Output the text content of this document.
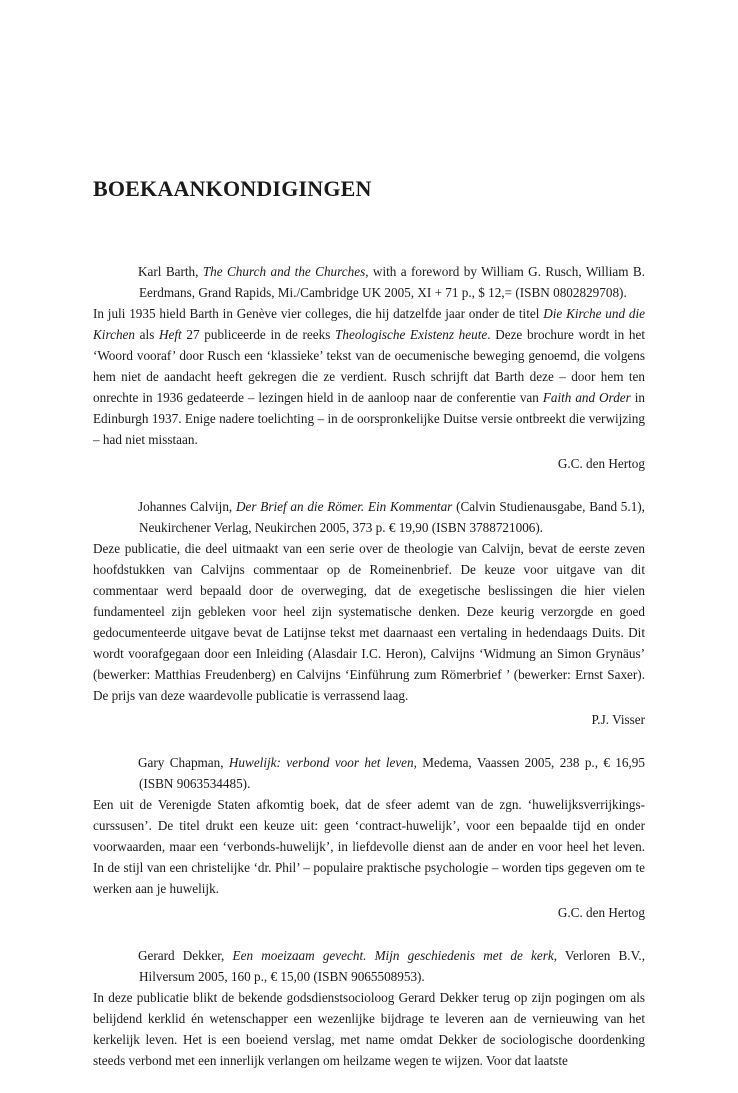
BOEKAANKONDIGINGEN

Karl Barth, The Church and the Churches, with a foreword by William G. Rusch, William B. Eerdmans, Grand Rapids, Mi./Cambridge UK 2005, XI + 71 p., $ 12,= (ISBN 0802829708).

In juli 1935 hield Barth in Genève vier colleges, die hij datzelfde jaar onder de titel Die Kirche und die Kirchen als Heft 27 publiceerde in de reeks Theologische Existenz heute. Deze brochure wordt in het ‘Woord vooraf’ door Rusch een ‘klassieke’ tekst van de oecumenische beweging genoemd, die volgens hem niet de aandacht heeft gekregen die ze verdient. Rusch schrijft dat Barth deze – door hem ten onrechte in 1936 gedateerde – lezingen hield in de aanloop naar de conferentie van Faith and Order in Edinburgh 1937. Enige nadere toelichting – in de oorspronkelijke Duitse versie ontbreekt die verwijzing – had niet misstaan.

G.C. den Hertog

Johannes Calvijn, Der Brief an die Römer. Ein Kommentar (Calvin Studienausgabe, Band 5.1), Neukirchener Verlag, Neukirchen 2005, 373 p. € 19,90 (ISBN 3788721006).

Deze publicatie, die deel uitmaakt van een serie over de theologie van Calvijn, bevat de eerste zeven hoofdstukken van Calvijns commentaar op de Romeinenbrief. De keuze voor uitgave van dit commentaar werd bepaald door de overweging, dat de exegetische beslissingen die hier vielen fundamenteel zijn gebleken voor heel zijn systematische denken. Deze keurig verzorgde en goed gedocumenteerde uitgave bevat de Latijnse tekst met daarnaast een vertaling in hedendaags Duits. Dit wordt voorafgegaan door een Inleiding (Alasdair I.C. Heron), Calvijns ‘Widmung an Simon Grynäus’ (bewerker: Matthias Freudenberg) en Calvijns ‘Einführung zum Römerbrief ’ (bewerker: Ernst Saxer). De prijs van deze waardevolle publicatie is verrassend laag.

P.J. Visser

Gary Chapman, Huwelijk: verbond voor het leven, Medema, Vaassen 2005, 238 p., € 16,95 (ISBN 9063534485).

Een uit de Verenigde Staten afkomtig boek, dat de sfeer ademt van de zgn. ‘huwelijksverrijkings-curssusen’. De titel drukt een keuze uit: geen ‘contract-huwelijk’, voor een bepaalde tijd en onder voorwaarden, maar een ‘verbonds-huwelijk’, in liefdevolle dienst aan de ander en voor heel het leven. In de stijl van een christelijke ‘dr. Phil’ – populaire praktische psychologie – worden tips gegeven om te werken aan je huwelijk.

G.C. den Hertog

Gerard Dekker, Een moeizaam gevecht. Mijn geschiedenis met de kerk, Verloren B.V., Hilversum 2005, 160 p., € 15,00 (ISBN 9065508953).

In deze publicatie blikt de bekende godsdienstsocioloog Gerard Dekker terug op zijn pogingen om als belijdend kerklid én wetenschapper een wezenlijke bijdrage te leveren aan de vernieuwing van het kerkelijk leven. Het is een boeiend verslag, met name omdat Dekker de sociologische doordenking steeds verbond met een innerlijk verlangen om heilzame wegen te wijzen. Voor dat laatste
